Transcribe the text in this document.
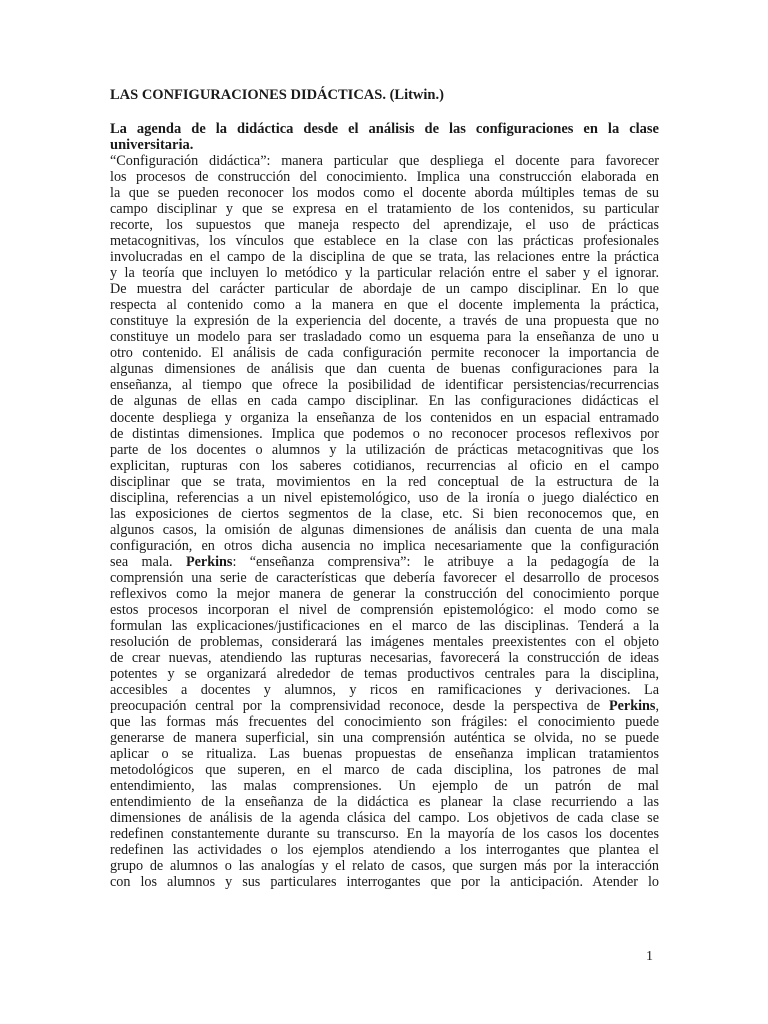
LAS CONFIGURACIONES DIDÁCTICAS. (Litwin.)
La agenda de la didáctica desde el análisis de las configuraciones en la clase
universitaria.
“Configuración didáctica”: manera particular que despliega el docente para favorecer
los procesos de construcción del conocimiento. Implica una construcción elaborada en
la que se pueden reconocer los modos como el docente aborda múltiples temas de su
campo disciplinar y que se expresa en el tratamiento de los contenidos, su particular
recorte, los supuestos que maneja respecto del aprendizaje, el uso de prácticas
metacognitivas, los vínculos que establece en la clase con las prácticas profesionales
involucradas en el campo de la disciplina de que se trata, las relaciones entre la práctica
y la teoría que incluyen lo metódico y la particular relación entre el saber y el ignorar.
De muestra del carácter particular de abordaje de un campo disciplinar. En lo que
respecta al contenido como a la manera en que el docente implementa la práctica,
constituye la expresión de la experiencia del docente, a través de una propuesta que no
constituye un modelo para ser trasladado como un esquema para la enseñanza de uno u
otro contenido. El análisis de cada configuración permite reconocer la importancia de
algunas dimensiones de análisis que dan cuenta de buenas configuraciones para la
enseñanza, al tiempo que ofrece la posibilidad de identificar persistencias/recurrencias
de algunas de ellas en cada campo disciplinar. En las configuraciones didácticas el
docente despliega y organiza la enseñanza de los contenidos en un espacial entramado
de distintas dimensiones. Implica que podemos o no reconocer procesos reflexivos por
parte de los docentes o alumnos y la utilización de prácticas metacognitivas que los
explicitan, rupturas con los saberes cotidianos, recurrencias al oficio en el campo
disciplinar que se trata, movimientos en la red conceptual de la estructura de la
disciplina, referencias a un nivel epistemológico, uso de la ironía o juego dialéctico en
las exposiciones de ciertos segmentos de la clase, etc. Si bien reconocemos que, en
algunos casos, la omisión de algunas dimensiones de análisis dan cuenta de una mala
configuración, en otros dicha ausencia no implica necesariamente que la configuración
sea mala. Perkins: “enseñanza comprensiva”: le atribuye a la pedagogía de la
comprensión una serie de características que debería favorecer el desarrollo de procesos
reflexivos como la mejor manera de generar la construcción del conocimiento porque
estos procesos incorporan el nivel de comprensión epistemológico: el modo como se
formulan las explicaciones/justificaciones en el marco de las disciplinas. Tenderá a la
resolución de problemas, considerará las imágenes mentales preexistentes con el objeto
de crear nuevas, atendiendo las rupturas necesarias, favorecerá la construcción de ideas
potentes y se organizará alrededor de temas productivos centrales para la disciplina,
accesibles a docentes y alumnos, y ricos en ramificaciones y derivaciones. La
preocupación central por la comprensividad reconoce, desde la perspectiva de Perkins,
que las formas más frecuentes del conocimiento son frágiles: el conocimiento puede
generarse de manera superficial, sin una comprensión auténtica se olvida, no se puede
aplicar o se ritualiza. Las buenas propuestas de enseñanza implican tratamientos
metodológicos que superen, en el marco de cada disciplina, los patrones de mal
entendimiento, las malas comprensiones. Un ejemplo de un patrón de mal
entendimiento de la enseñanza de la didáctica es planear la clase recurriendo a las
dimensiones de análisis de la agenda clásica del campo. Los objetivos de cada clase se
redefinen constantemente durante su transcurso. En la mayoría de los casos los docentes
redefinen las actividades o los ejemplos atendiendo a los interrogantes que plantea el
grupo de alumnos o las analogías y el relato de casos, que surgen más por la interacción
con los alumnos y sus particulares interrogantes que por la anticipación. Atender lo
1
